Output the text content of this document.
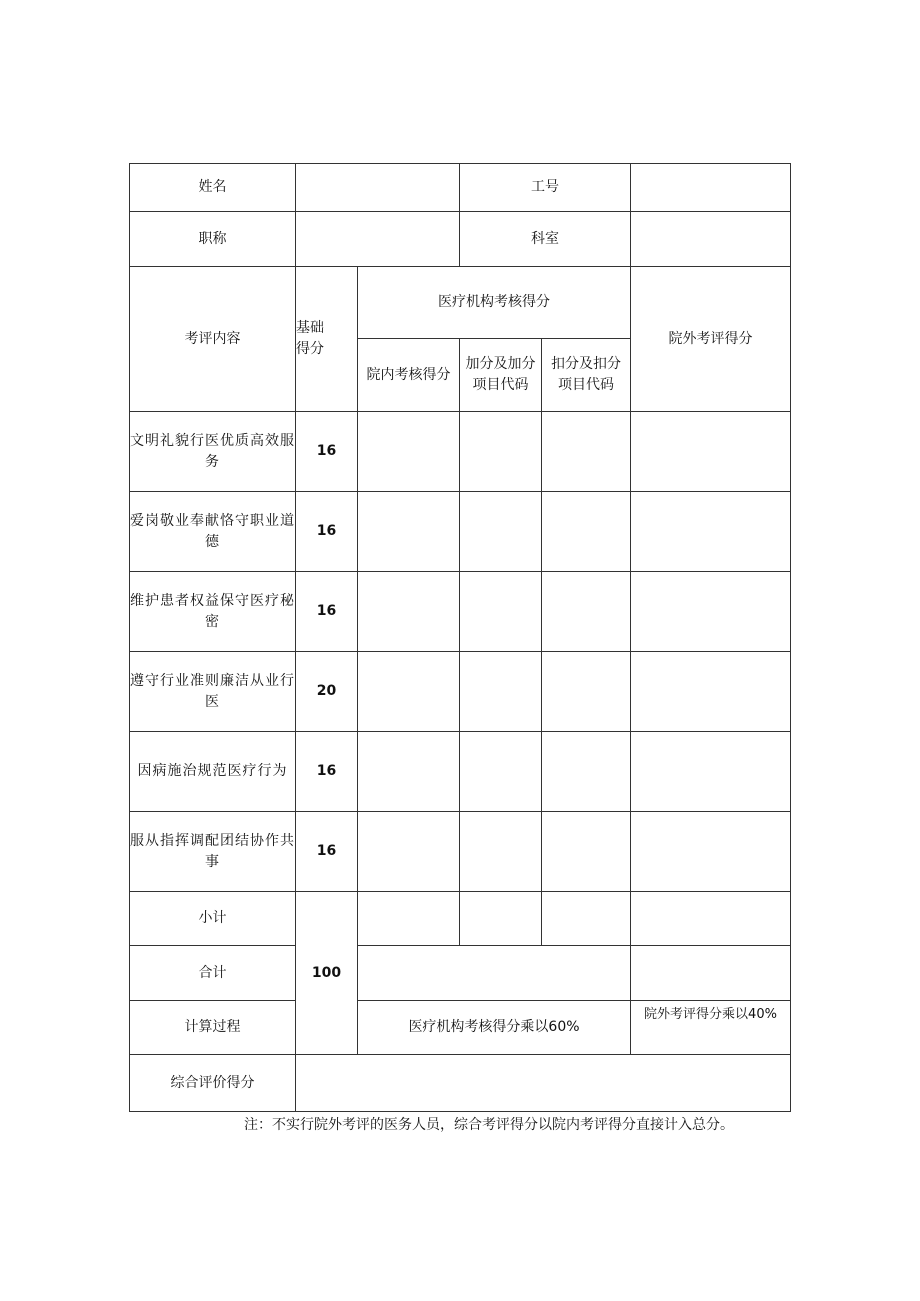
姓名			工号		
职称			科室		
考评内容	基础得分	医疗机构考核得分			院外考评得分
		院内考核得分	加分及加分项目代码	扣分及扣分项目代码	
文明礼貌行医优质高效服务	16				
爱岗敬业奉献恪守职业道德	16				
维护患者权益保守医疗秘密	16				
遵守行业准则廉洁从业行医	20				
因病施治规范医疗行为	16				
服从指挥调配团结协作共事	16				
小计	100				
合计					
计算过程		医疗机构考核得分乘以60%			院外考评得分乘以40%
综合评价得分					
注：不实行院外考评的医务人员，综合考评得分以院内考评得分直接计入总分。
